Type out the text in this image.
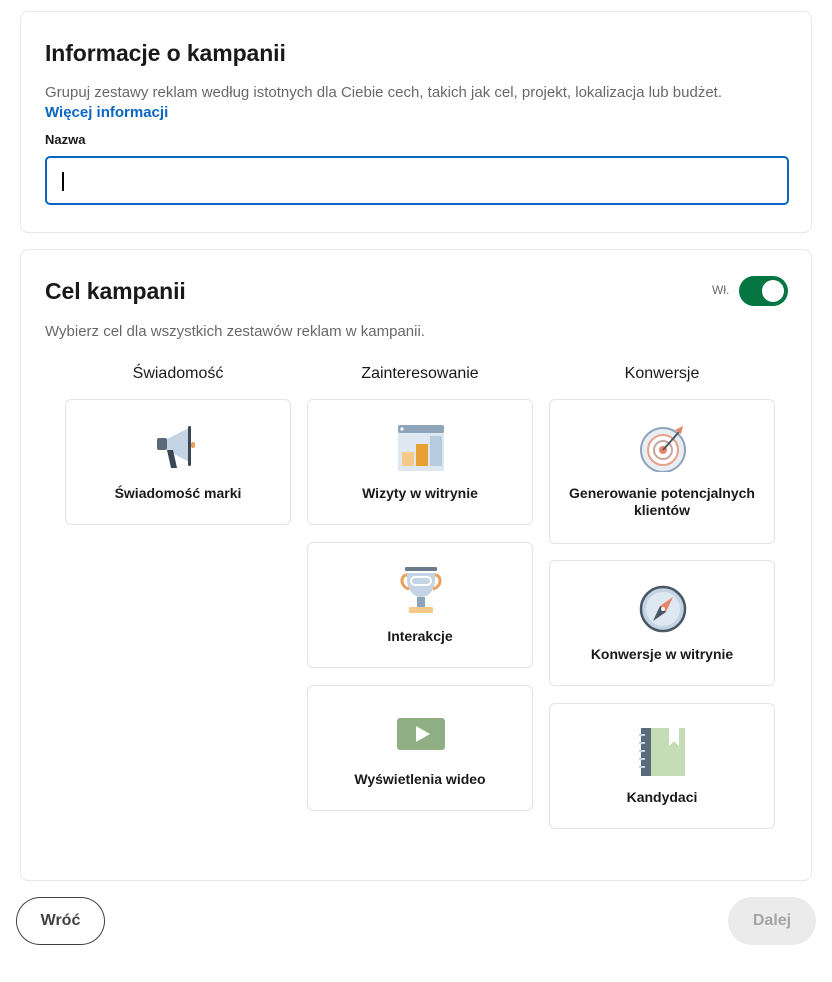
Informacje o kampanii

Grupuj zestawy reklam według istotnych dla Ciebie cech, takich jak cel, projekt, lokalizacja lub budżet.

Więcej informacji
Nazwa
Cel kampanii	Wł.

Wybierz cel dla wszystkich zestawów reklam w kampanii.

Świadomość	Zainteresowanie	Konwersje
Świadomość marki	Wizyty w witrynie
Interakcje
Wyświetlenia wideo
Generowanie potencjalnych klientów
Konwersje w witrynie
Kandydaci
Wróć	Dalej
